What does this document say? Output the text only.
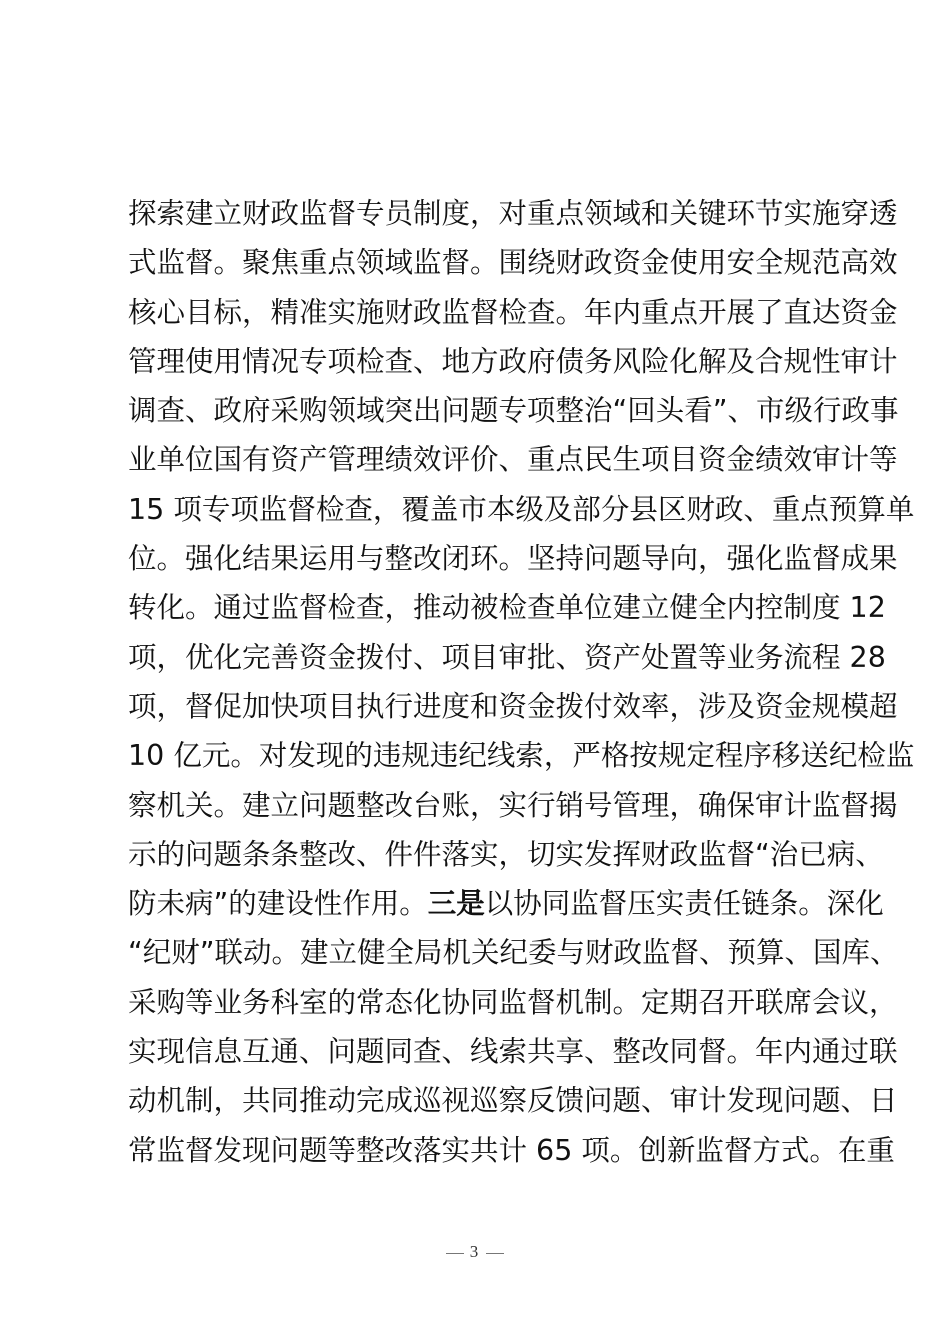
探索建立财政监督专员制度，对重点领域和关键环节实施穿透
式监督。聚焦重点领域监督。围绕财政资金使用安全规范高效
核心目标，精准实施财政监督检查。年内重点开展了直达资金
管理使用情况专项检查、地方政府债务风险化解及合规性审计
调查、政府采购领域突出问题专项整治“回头看”、市级行政事
业单位国有资产管理绩效评价、重点民生项目资金绩效审计等
15 项专项监督检查，覆盖市本级及部分县区财政、重点预算单
位。强化结果运用与整改闭环。坚持问题导向，强化监督成果
转化。通过监督检查，推动被检查单位建立健全内控制度 12
项，优化完善资金拨付、项目审批、资产处置等业务流程 28
项，督促加快项目执行进度和资金拨付效率，涉及资金规模超
10 亿元。对发现的违规违纪线索，严格按规定程序移送纪检监
察机关。建立问题整改台账，实行销号管理，确保审计监督揭
示的问题条条整改、件件落实，切实发挥财政监督“治已病、
防未病”的建设性作用。三是以协同监督压实责任链条。深化
“纪财”联动。建立健全局机关纪委与财政监督、预算、国库、
采购等业务科室的常态化协同监督机制。定期召开联席会议，
实现信息互通、问题同查、线索共享、整改同督。年内通过联
动机制，共同推动完成巡视巡察反馈问题、审计发现问题、日
常监督发现问题等整改落实共计 65 项。创新监督方式。在重
3
